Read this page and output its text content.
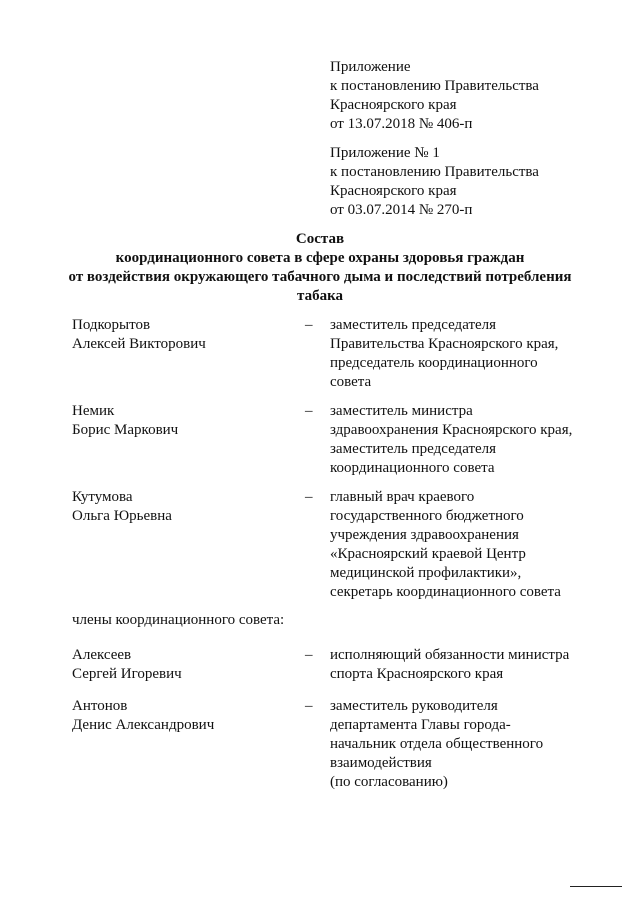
Приложение
к постановлению Правительства
Красноярского края
от 13.07.2018 № 406-п
Приложение № 1
к постановлению Правительства
Красноярского края
от 03.07.2014 № 270-п
Состав
координационного совета в сфере охраны здоровья граждан
от воздействия окружающего табачного дыма и последствий потребления
табака
Подкорытов
Алексей Викторович
– заместитель председателя
Правительства Красноярского края,
председатель координационного
совета
Немик
Борис Маркович
– заместитель министра
здравоохранения Красноярского края,
заместитель председателя
координационного совета
Кутумова
Ольга Юрьевна
– главный врач краевого
государственного бюджетного
учреждения здравоохранения
«Красноярский краевой Центр
медицинской профилактики»,
секретарь координационного совета
члены координационного совета:
Алексеев
Сергей Игоревич
– исполняющий обязанности министра
спорта Красноярского края
Антонов
Денис Александрович
– заместитель руководителя
департамента Главы города-
начальник отдела общественного
взаимодействия
(по согласованию)
